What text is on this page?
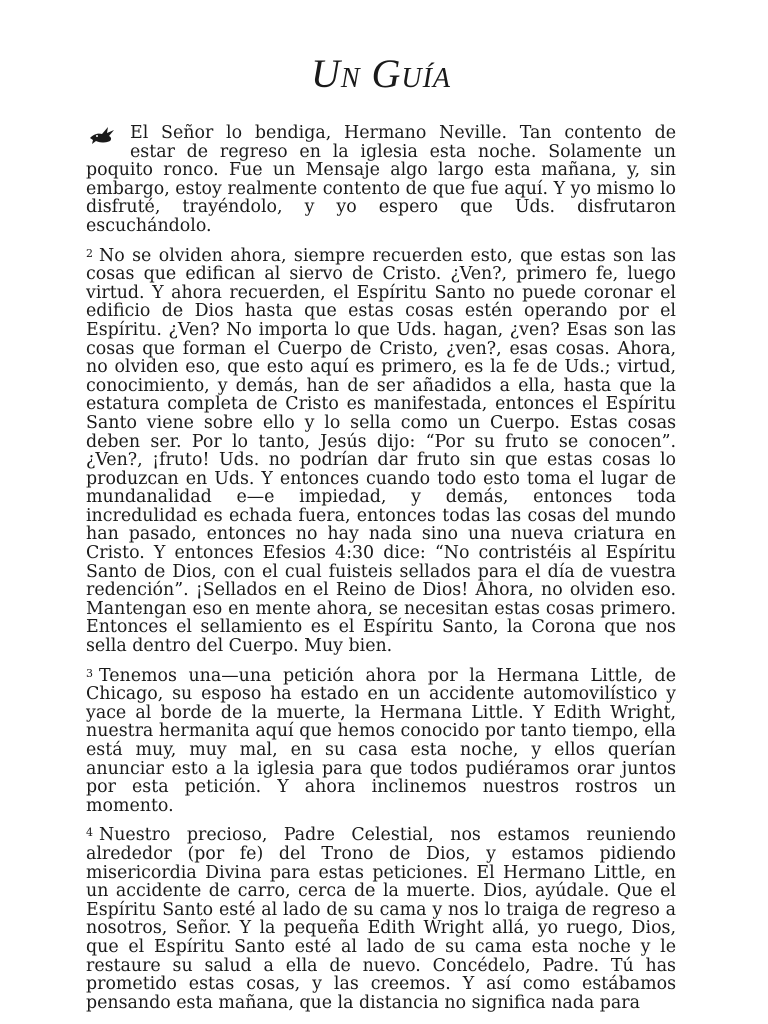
Un Guía
El Señor lo bendiga, Hermano Neville. Tan contento de
estar de regreso en la iglesia esta noche. Solamente un
poquito ronco. Fue un Mensaje algo largo esta mañana, y, sin embargo, estoy realmente contento de que fue aquí. Y yo mismo lo disfruté, trayéndolo, y yo espero que Uds. disfrutaron escuchándolo.

$^2$ No se olviden ahora, siempre recuerden esto, que estas son las cosas que edifican al siervo de Cristo. ¿Ven?, primero fe, luego virtud. Y ahora recuerden, el Espíritu Santo no puede coronar el edificio de Dios hasta que estas cosas estén operando por el Espíritu. ¿Ven? No importa lo que Uds. hagan, ¿ven? Esas son las cosas que forman el Cuerpo de Cristo, ¿ven?, esas cosas. Ahora, no olviden eso, que esto aquí es primero, es la fe de Uds.; virtud, conocimiento, y demás, han de ser añadidos a ella, hasta que la estatura completa de Cristo es manifestada, entonces el Espíritu Santo viene sobre ello y lo sella como un Cuerpo. Estas cosas deben ser. Por lo tanto, Jesús dijo: “Por su fruto se conocen”. ¿Ven?, ¡fruto! Uds. no podrían dar fruto sin que estas cosas lo produzcan en Uds. Y entonces cuando todo esto toma el lugar de mundanalidad e—e impiedad, y demás, entonces toda incredulidad es echada fuera, entonces todas las cosas del mundo han pasado, entonces no hay nada sino una nueva criatura en Cristo. Y entonces Efesios 4:30 dice: “No contristéis al Espíritu Santo de Dios, con el cual fuisteis sellados para el día de vuestra redención”. ¡Sellados en el Reino de Dios! Ahora, no olviden eso. Mantengan eso en mente ahora, se necesitan estas cosas primero. Entonces el sellamiento es el Espíritu Santo, la Corona que nos sella dentro del Cuerpo. Muy bien.

$^3$ Tenemos una—una petición ahora por la Hermana Little, de Chicago, su esposo ha estado en un accidente automovilístico y yace al borde de la muerte, la Hermana Little. Y Edith Wright, nuestra hermanita aquí que hemos conocido por tanto tiempo, ella está muy, muy mal, en su casa esta noche, y ellos querían anunciar esto a la iglesia para que todos pudiéramos orar juntos por esta petición. Y ahora inclinemos nuestros rostros un momento.

$^4$ Nuestro precioso, Padre Celestial, nos estamos reuniendo alrededor (por fe) del Trono de Dios, y estamos pidiendo misericordia Divina para estas peticiones. El Hermano Little, en un accidente de carro, cerca de la muerte. Dios, ayúdale. Que el Espíritu Santo esté al lado de su cama y nos lo traiga de regreso a nosotros, Señor. Y la pequeña Edith Wright allá, yo ruego, Dios, que el Espíritu Santo esté al lado de su cama esta noche y le restaure su salud a ella de nuevo. Concédelo, Padre. Tú has prometido estas cosas, y las creemos. Y así como estábamos pensando esta mañana, que la distancia no significa nada para
